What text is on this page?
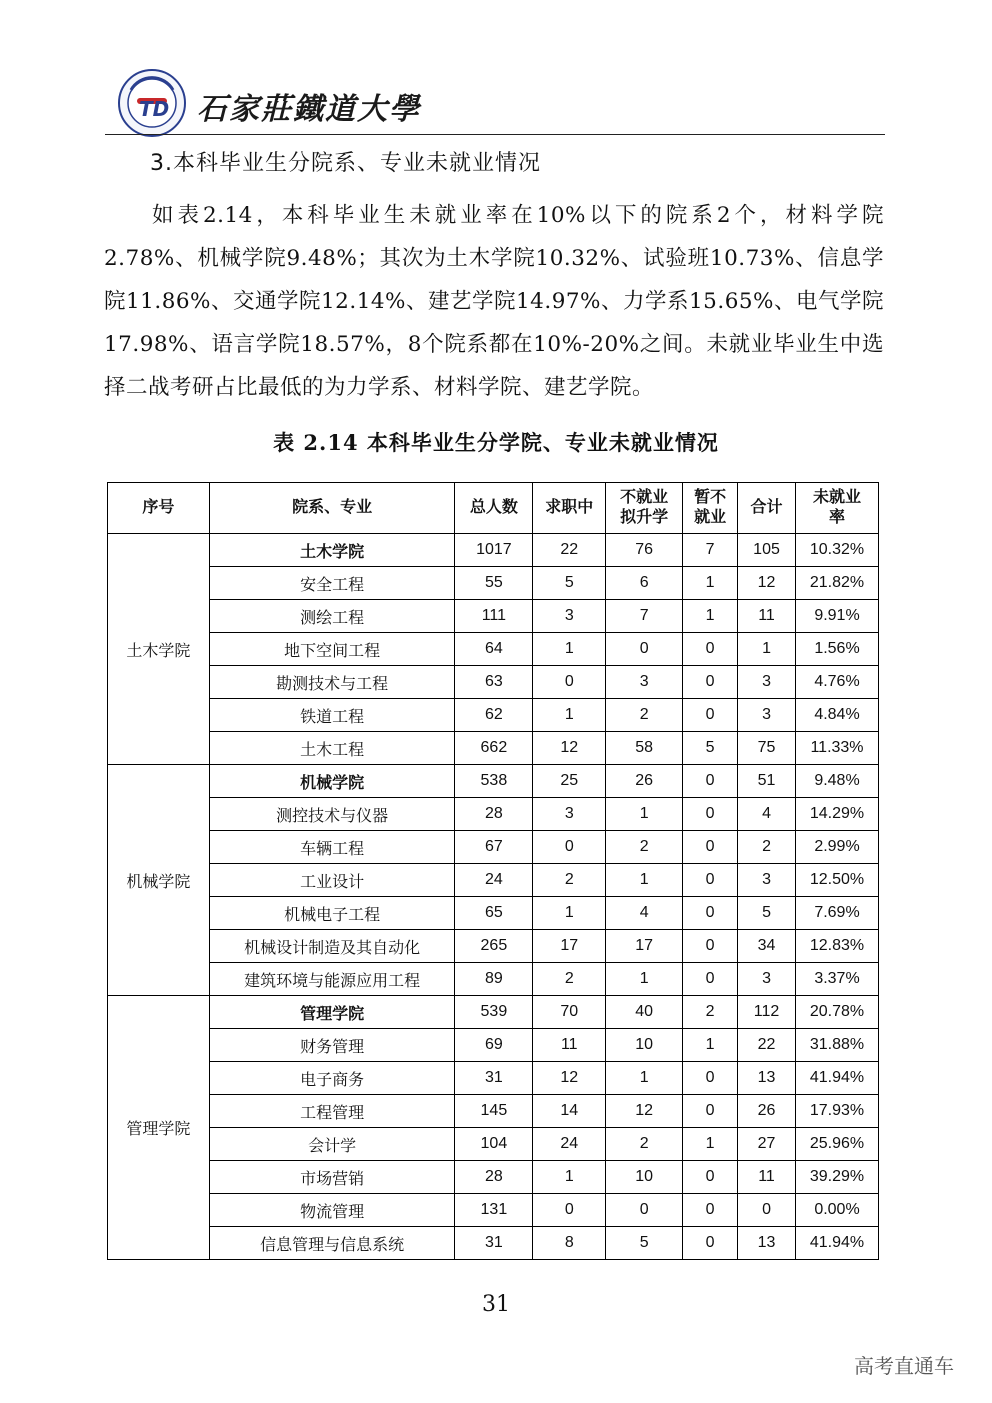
TD 石家莊鐵道大學
3.本科毕业生分院系、专业未就业情况

如表2.14，本科毕业生未就业率在10%以下的院系2个，材料学院2.78%、机械学院9.48%；其次为土木学院10.32%、试验班10.73%、信息学院11.86%、交通学院12.14%、建艺学院14.97%、力学系15.65%、电气学院17.98%、语言学院18.57%，8个院系都在10%-20%之间。未就业毕业生中选择二战考研占比最低的为力学系、材料学院、建艺学院。

表 2.14 本科毕业生分学院、专业未就业情况
序号	院系、专业	总人数	求职中	不就业拟升学	暂不就业	合计	未就业率
土木学院	土木学院	1017	22	76	7	105	10.32%
	安全工程	55	5	6	1	12	21.82%
	测绘工程	111	3	7	1	11	9.91%
	地下空间工程	64	1	0	0	1	1.56%
	勘测技术与工程	63	0	3	0	3	4.76%
	铁道工程	62	1	2	0	3	4.84%
	土木工程	662	12	58	5	75	11.33%
机械学院	机械学院	538	25	26	0	51	9.48%
	测控技术与仪器	28	3	1	0	4	14.29%
	车辆工程	67	0	2	0	2	2.99%
	工业设计	24	2	1	0	3	12.50%
	机械电子工程	65	1	4	0	5	7.69%
	机械设计制造及其自动化	265	17	17	0	34	12.83%
	建筑环境与能源应用工程	89	2	1	0	3	3.37%
管理学院	管理学院	539	70	40	2	112	20.78%
	财务管理	69	11	10	1	22	31.88%
	电子商务	31	12	1	0	13	41.94%
	工程管理	145	14	12	0	26	17.93%
	会计学	104	24	2	1	27	25.96%
	市场营销	28	1	10	0	11	39.29%
	物流管理	131	0	0	0	0	0.00%
	信息管理与信息系统	31	8	5	0	13	41.94%
31
高考直通车
